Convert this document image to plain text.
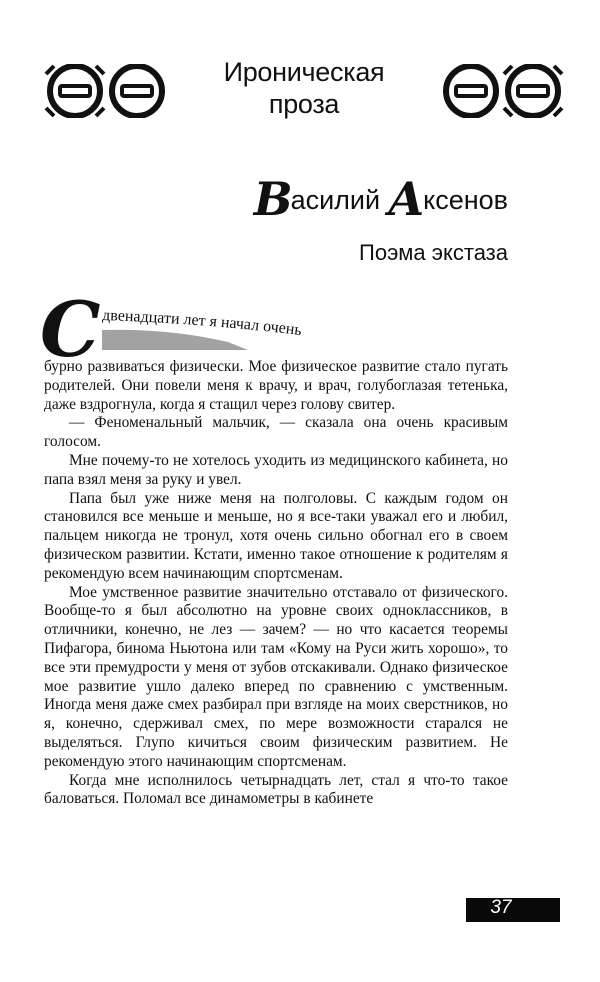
Ироническая
проза
Василий Аксенов
Поэма экстаза
С двенадцати лет я начал очень

бурно развиваться физически. Мое физическое развитие стало пугать родителей. Они повели меня к врачу, и врач, голубоглазая тетенька, даже вздрогнула, когда я стащил через голову свитер.

— Феноменальный мальчик, — сказала она очень красивым голосом.

Мне почему-то не хотелось уходить из медицинского кабинета, но папа взял меня за руку и увел.

Папа был уже ниже меня на полголовы. С каждым годом он становился все меньше и меньше, но я все-таки уважал его и любил, пальцем никогда не тронул, хотя очень сильно обогнал его в своем физическом развитии. Кстати, именно такое отношение к родителям я рекомендую всем начинающим спортсменам.

Мое умственное развитие значительно отставало от физического. Вообще-то я был абсолютно на уровне своих одноклассников, в отличники, конечно, не лез — зачем? — но что касается теоремы Пифагора, бинома Ньютона или там «Кому на Руси жить хорошо», то все эти премудрости у меня от зубов отскакивали. Однако физическое мое развитие ушло далеко вперед по сравнению с умственным. Иногда меня даже смех разбирал при взгляде на моих сверстников, но я, конечно, сдерживал смех, по мере возможности старался не выделяться. Глупо кичиться своим физическим развитием. Не рекомендую этого начинающим спортсменам.

Когда мне исполнилось четырнадцать лет, стал я что-то такое баловаться. Поломал все динамометры в кабинете

37
